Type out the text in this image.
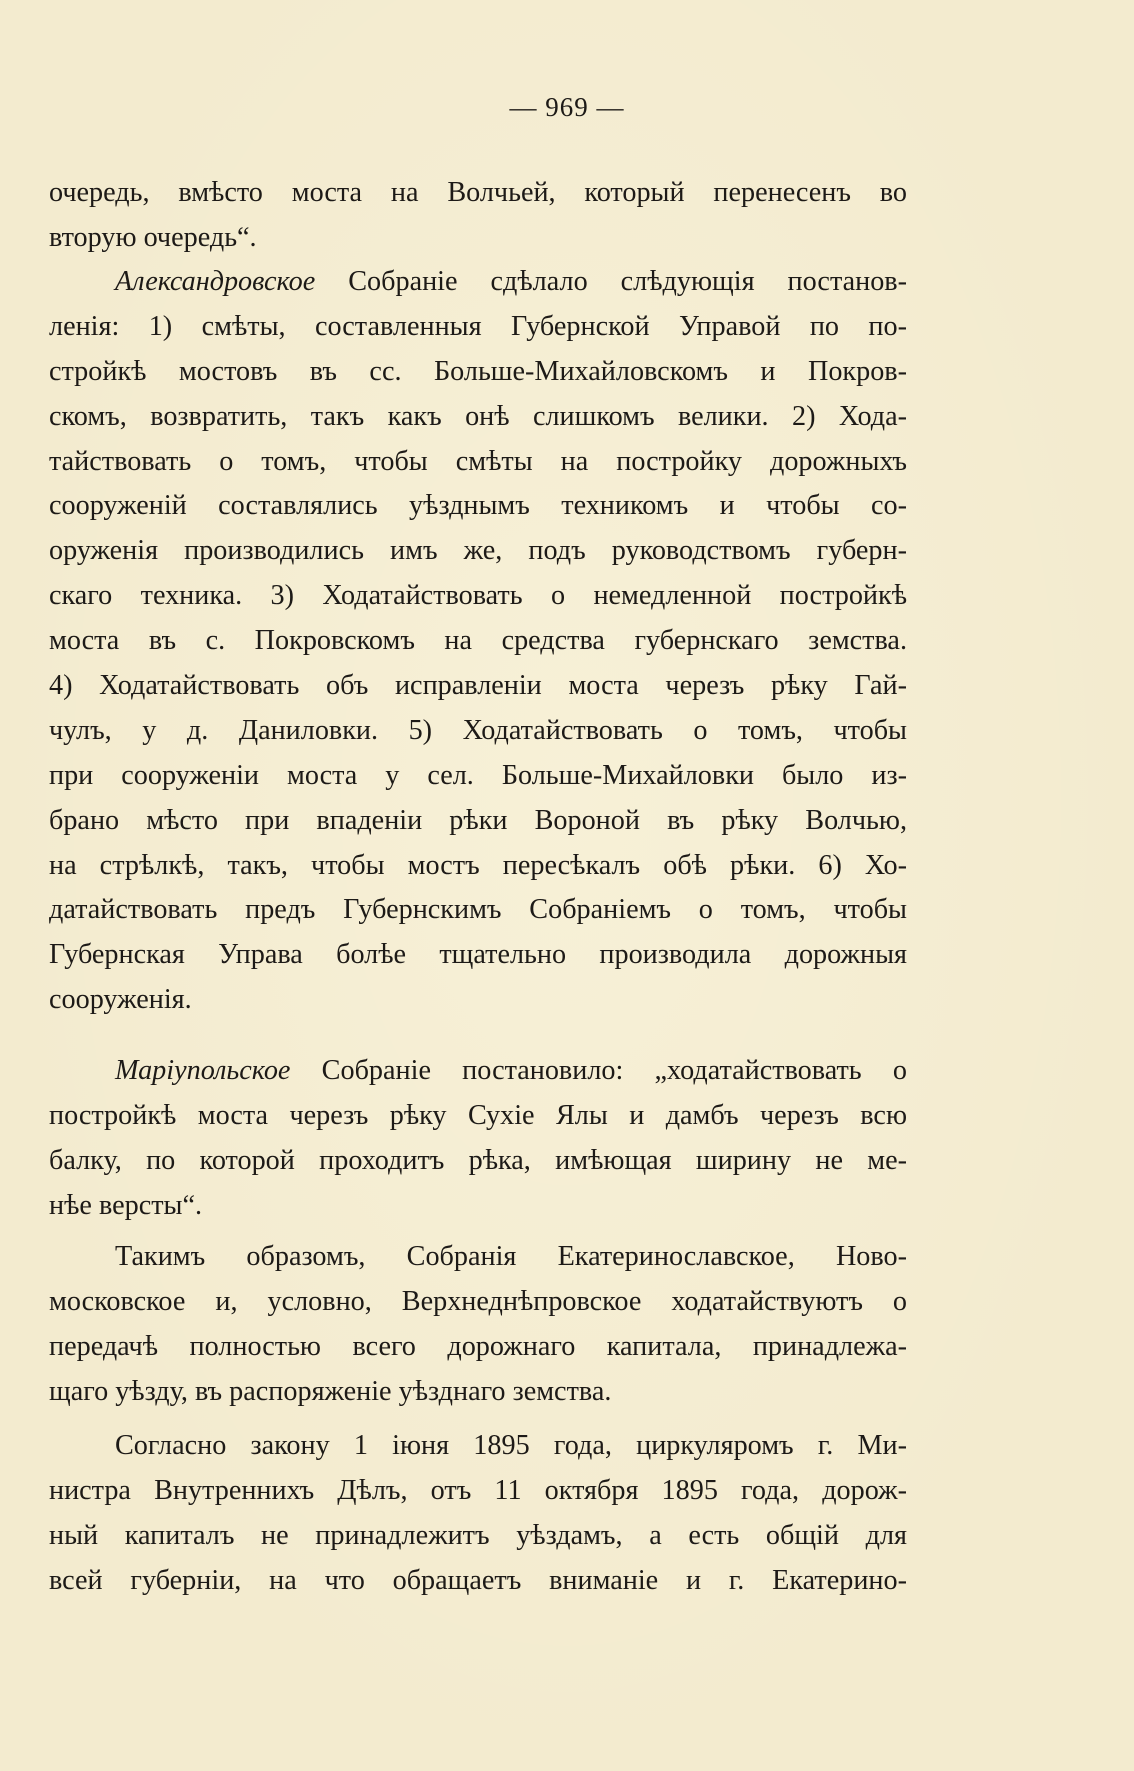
— 969 —
очередь, вмѣсто моста на Волчьей, который перенесенъ во
вторую очередь“.
Александровское Собраніе сдѣлало слѣдующія постанов-
ленія: 1) смѣты, составленныя Губернской Управой по по-
стройкѣ мостовъ въ сс. Больше-Михайловскомъ и Покров-
скомъ, возвратить, такъ какъ онѣ слишкомъ велики. 2) Хода-
тайствовать о томъ, чтобы смѣты на постройку дорожныхъ
сооруженій составлялись уѣзднымъ техникомъ и чтобы со-
оруженія производились имъ же, подъ руководствомъ губерн-
скаго техника. 3) Ходатайствовать о немедленной постройкѣ
моста въ с. Покровскомъ на средства губернскаго земства.
4) Ходатайствовать объ исправленіи моста черезъ рѣку Гай-
чулъ, у д. Даниловки. 5) Ходатайствовать о томъ, чтобы
при сооруженіи моста у сел. Больше-Михайловки было из-
брано мѣсто при впаденіи рѣки Вороной въ рѣку Волчью,
на стрѣлкѣ, такъ, чтобы мостъ пересѣкалъ обѣ рѣки. 6) Хо-
датайствовать предъ Губернскимъ Собраніемъ о томъ, чтобы
Губернская Управа болѣе тщательно производила дорожныя
сооруженія.
Маріупольское Собраніе постановило: „ходатайствовать о
постройкѣ моста черезъ рѣку Сухіе Ялы и дамбъ черезъ всю
балку, по которой проходитъ рѣка, имѣющая ширину не ме-
нѣе версты“.
Такимъ образомъ, Собранія Екатеринославское, Ново-
московское и, условно, Верхнеднѣпровское ходатайствуютъ о
передачѣ полностью всего дорожнаго капитала, принадлежа-
щаго уѣзду, въ распоряженіе уѣзднаго земства.
Согласно закону 1 іюня 1895 года, циркуляромъ г. Ми-
нистра Внутреннихъ Дѣлъ, отъ 11 октября 1895 года, дорож-
ный капиталъ не принадлежитъ уѣздамъ, а есть общій для
всей губерніи, на что обращаетъ вниманіе и г. Екатерино-
